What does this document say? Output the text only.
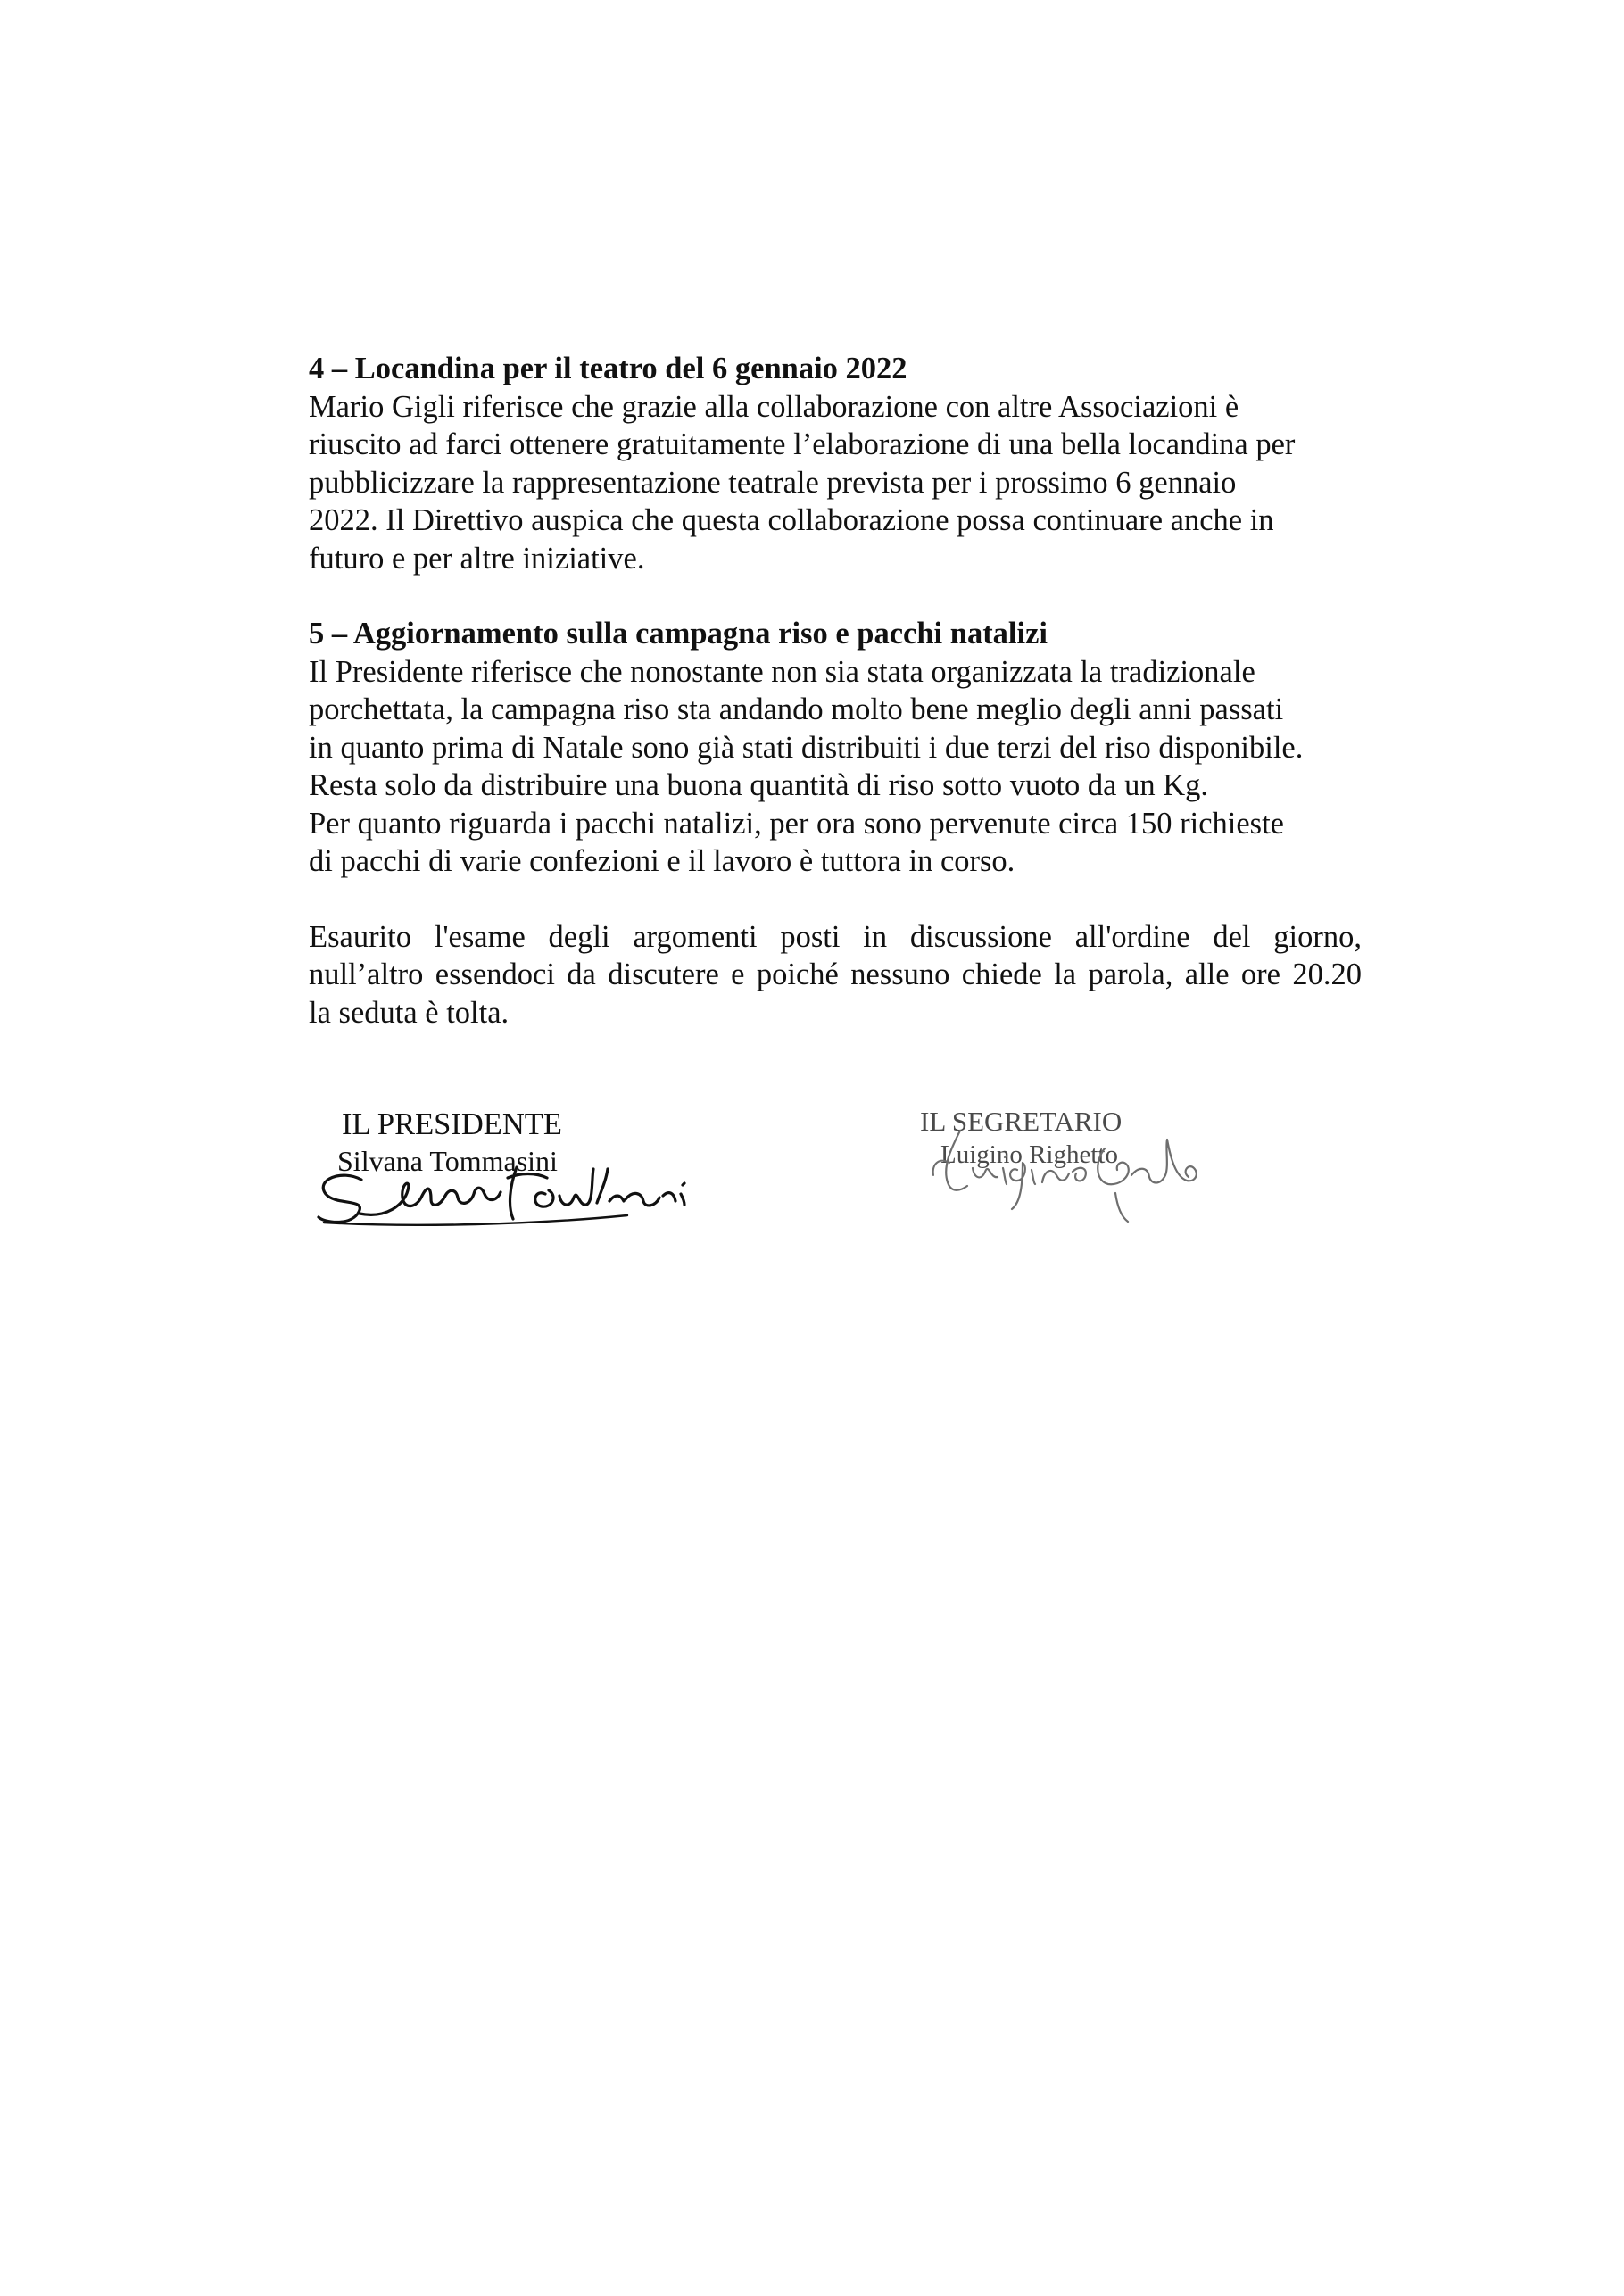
4 – Locandina per il teatro del 6 gennaio 2022
Mario Gigli riferisce che grazie alla collaborazione con altre Associazioni è
riuscito ad farci ottenere gratuitamente l’elaborazione di una bella locandina per
pubblicizzare la rappresentazione teatrale prevista per i prossimo 6 gennaio
2022. Il Direttivo auspica che questa collaborazione possa continuare anche in
futuro e per altre iniziative.
5 – Aggiornamento sulla campagna riso e pacchi natalizi
Il Presidente riferisce che nonostante non sia stata organizzata la tradizionale
porchettata, la campagna riso sta andando molto bene meglio degli anni passati
in quanto prima di Natale sono già stati distribuiti i due terzi del riso disponibile.
Resta solo da distribuire una buona quantità di riso sotto vuoto da un Kg.
Per quanto riguarda i pacchi natalizi, per ora sono pervenute circa 150 richieste
di pacchi di varie confezioni e il lavoro è tuttora in corso.
Esaurito l'esame degli argomenti posti in discussione all'ordine del giorno,
null’altro essendoci da discutere e poiché nessuno chiede la parola, alle ore 20.20
la seduta è tolta.
IL PRESIDENTE
Silvana Tommasini
IL SEGRETARIO
Luigino Righetto
